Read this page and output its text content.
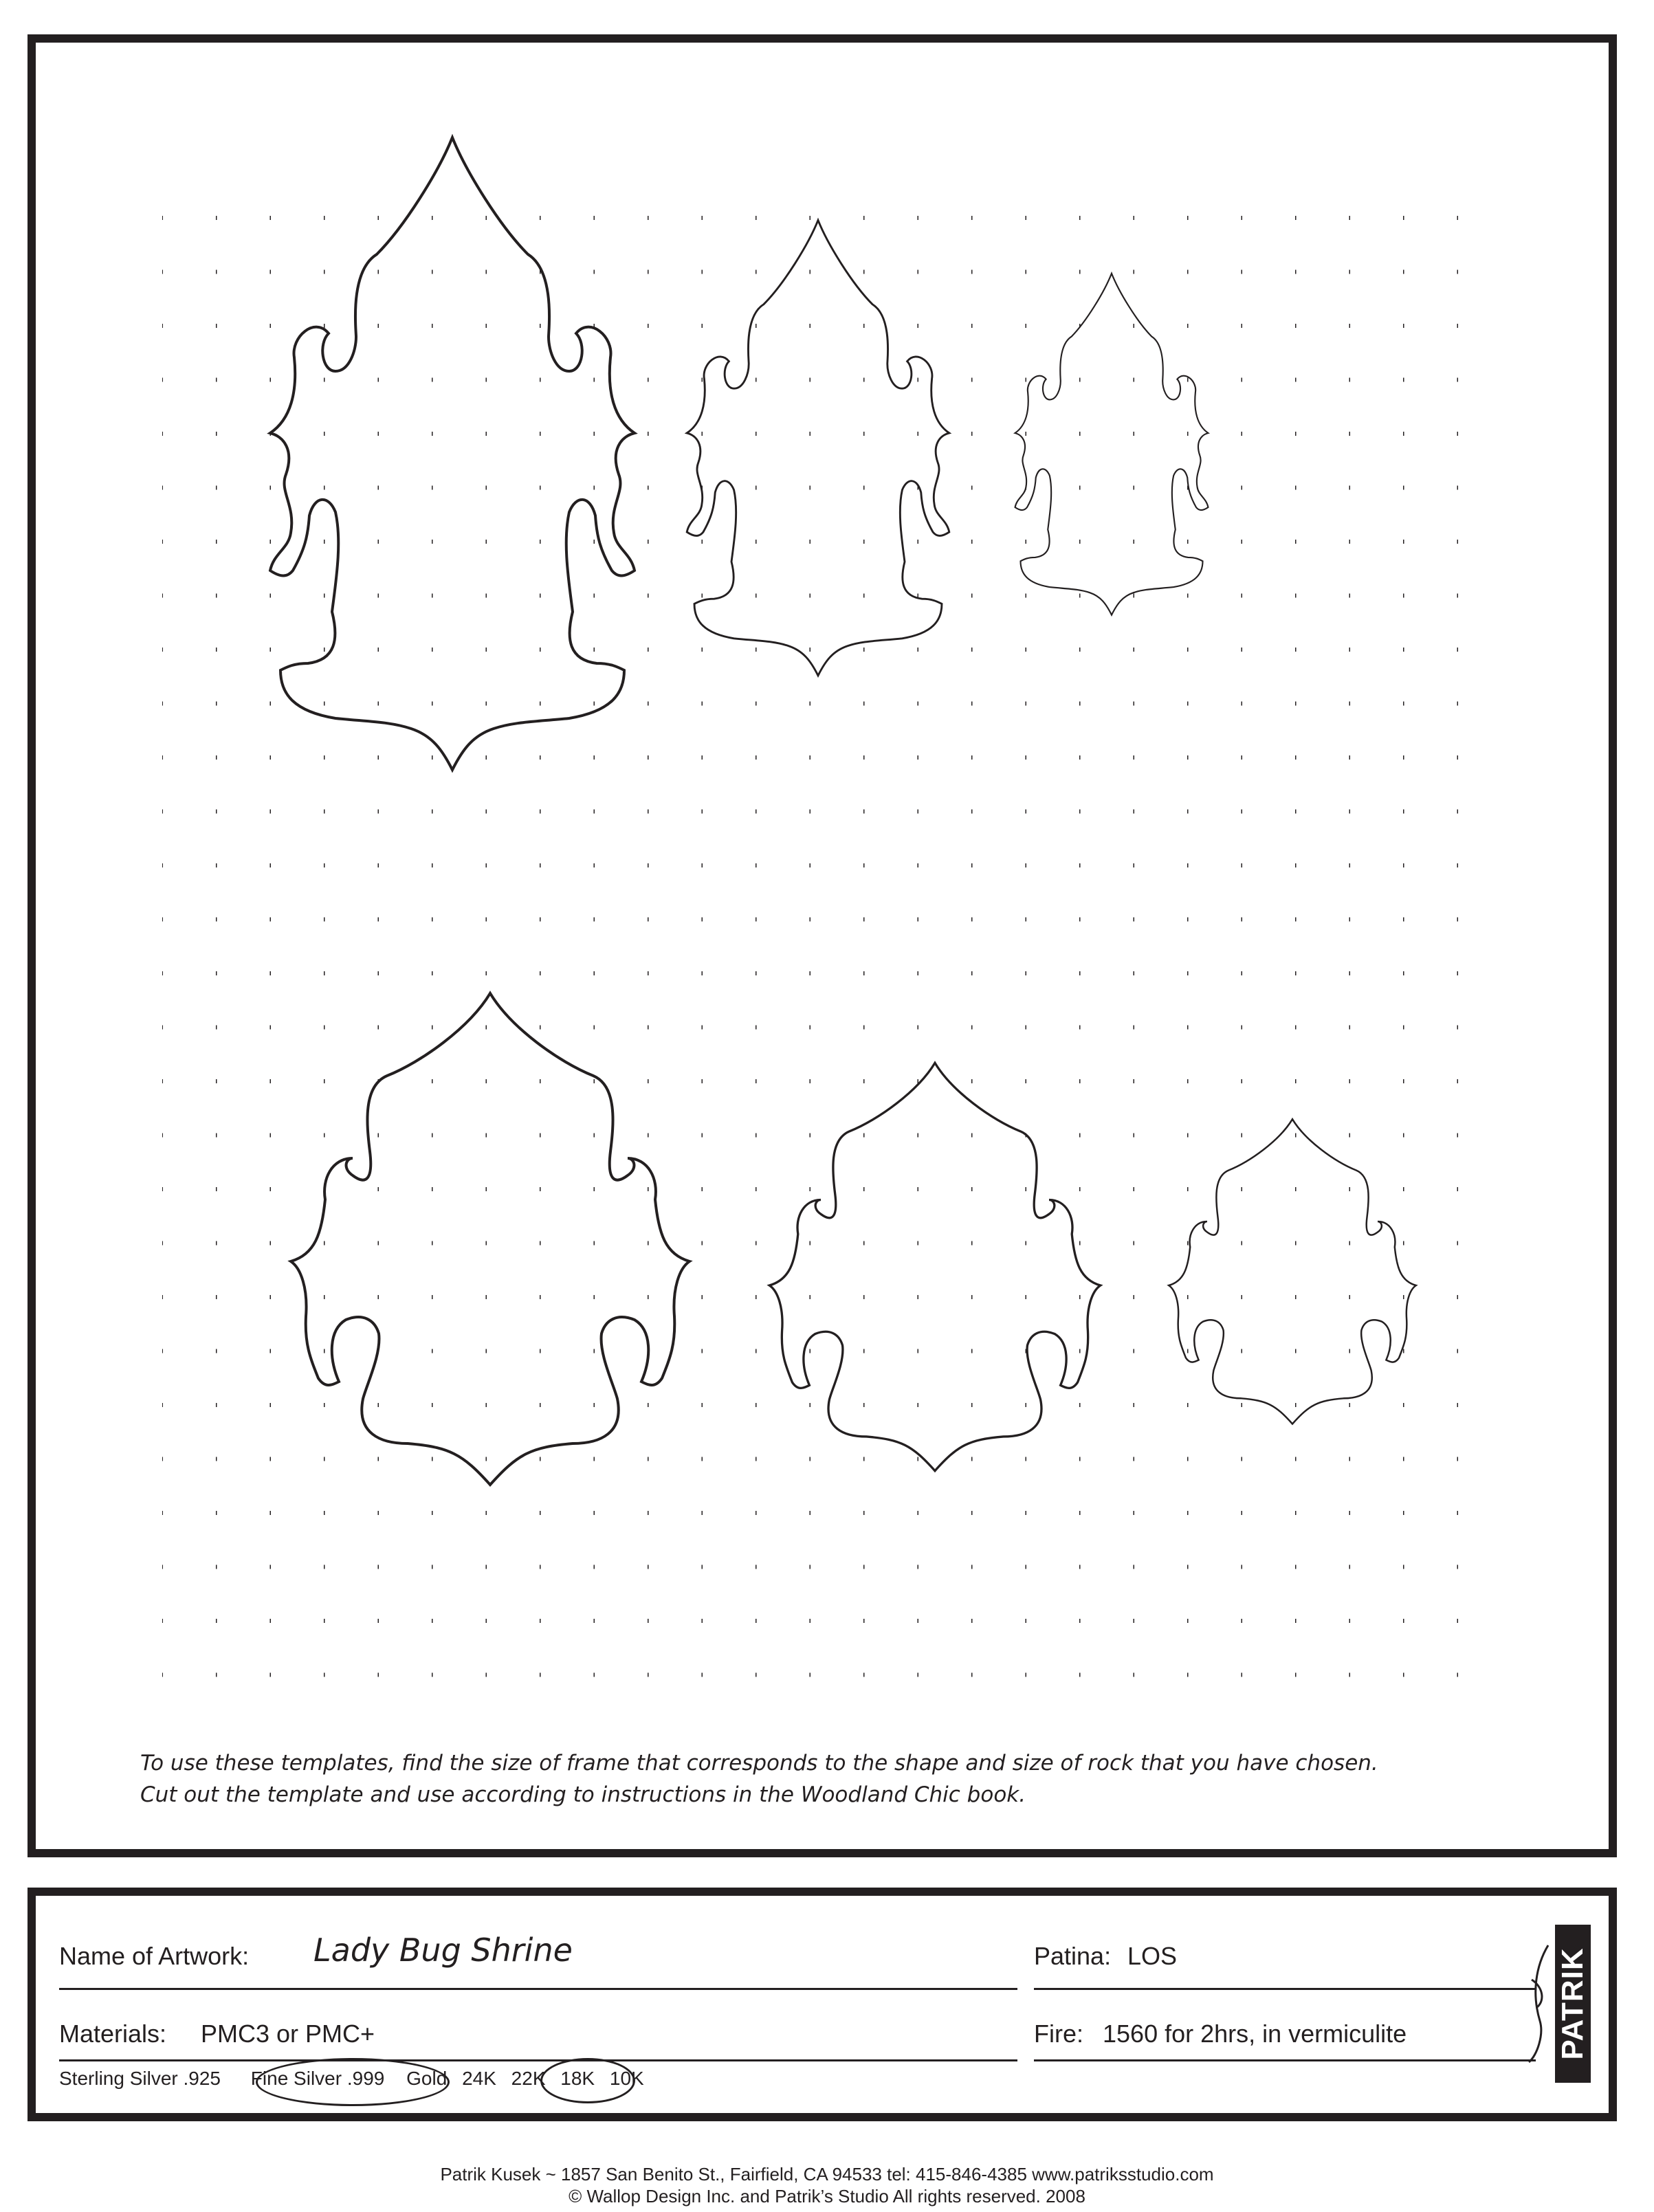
To use these templates, find the size of frame that corresponds to the shape and size of rock that you have chosen.
Cut out the template and use according to instructions in the Woodland Chic book.
Name of Artwork: Lady Bug Shrine	Patina: LOS
Materials: PMC3 or PMC+	Fire: 1560 for 2hrs, in vermiculite
Sterling Silver .925 Fine Silver .999 Gold 24K 22K 18K 10K
PATRIK
Patrik Kusek ~ 1857 San Benito St., Fairfield, CA 94533 tel: 415-846-4385 www.patriksstudio.com
© Wallop Design Inc. and Patrik’s Studio All rights reserved. 2008
